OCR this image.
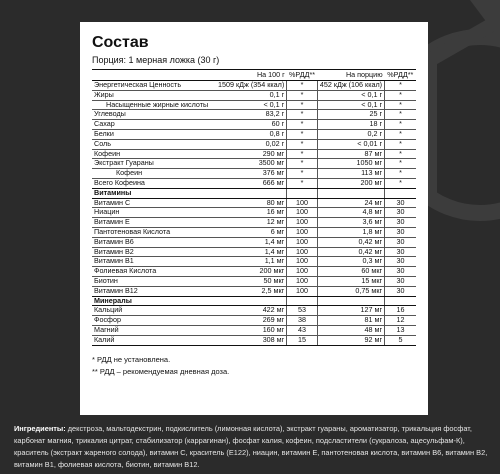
Состав
Порция: 1 мерная ложка (30 г)
	На 100 г	%РДД**	На порцию	%РДД**
Энергетическая Ценность	1509 кДж (354 ккал)	*	452 кДж (106 ккал)	*
Жиры	0,1 г	*	< 0,1 г	*
Насыщенные жирные кислоты	< 0,1 г	*	< 0,1 г	*
Углеводы	83,2 г	*	25 г	*
Сахар	60 г	*	18 г	*
Белки	0,8 г	*	0,2 г	*
Соль	0,02 г	*	< 0,01 г	*
Кофеин	290 мг	*	87 мг	*
Экстракт Гуараны	3500 мг	*	1050 мг	*
Кофеин	376 мг	*	113 мг	*
Всего Кофеина	666 мг	*	200 мг	*
Витамины				
Витамин C	80 мг	100	24 мг	30
Ниацин	16 мг	100	4,8 мг	30
Витамин E	12 мг	100	3,6 мг	30
Пантотеновая Кислота	6 мг	100	1,8 мг	30
Витамин B6	1,4 мг	100	0,42 мг	30
Витамин B2	1,4 мг	100	0,42 мг	30
Витамин B1	1,1 мг	100	0,3 мг	30
Фолиевая Кислота	200 мкг	100	60 мкг	30
Биотин	50 мкг	100	15 мкг	30
Витамин B12	2,5 мкг	100	0,75 мкг	30
Минералы				
Кальций	422 мг	53	127 мг	16
Фосфор	269 мг	38	81 мг	12
Магний	160 мг	43	48 мг	13
Калий	308 мг	15	92 мг	5
* РДД не установлена.
** РДД – рекомендуемая дневная доза.
Ингредиенты: декстроза, мальтодекстрин, подкислитель (лимонная кислота), экстракт гуараны, ароматизатор, трикальция фосфат, карбонат магния, трикалия цитрат, стабилизатор (каррагинан), фосфат калия, кофеин, подсластители (сукралоза, ацесульфам-К), краситель (экстракт жареного солода), витамин С, краситель (Е122), ниацин, витамин Е, пантотеновая кислота, витамин В6, витамин В2, витамин В1, фолиевая кислота, биотин, витамин В12.
